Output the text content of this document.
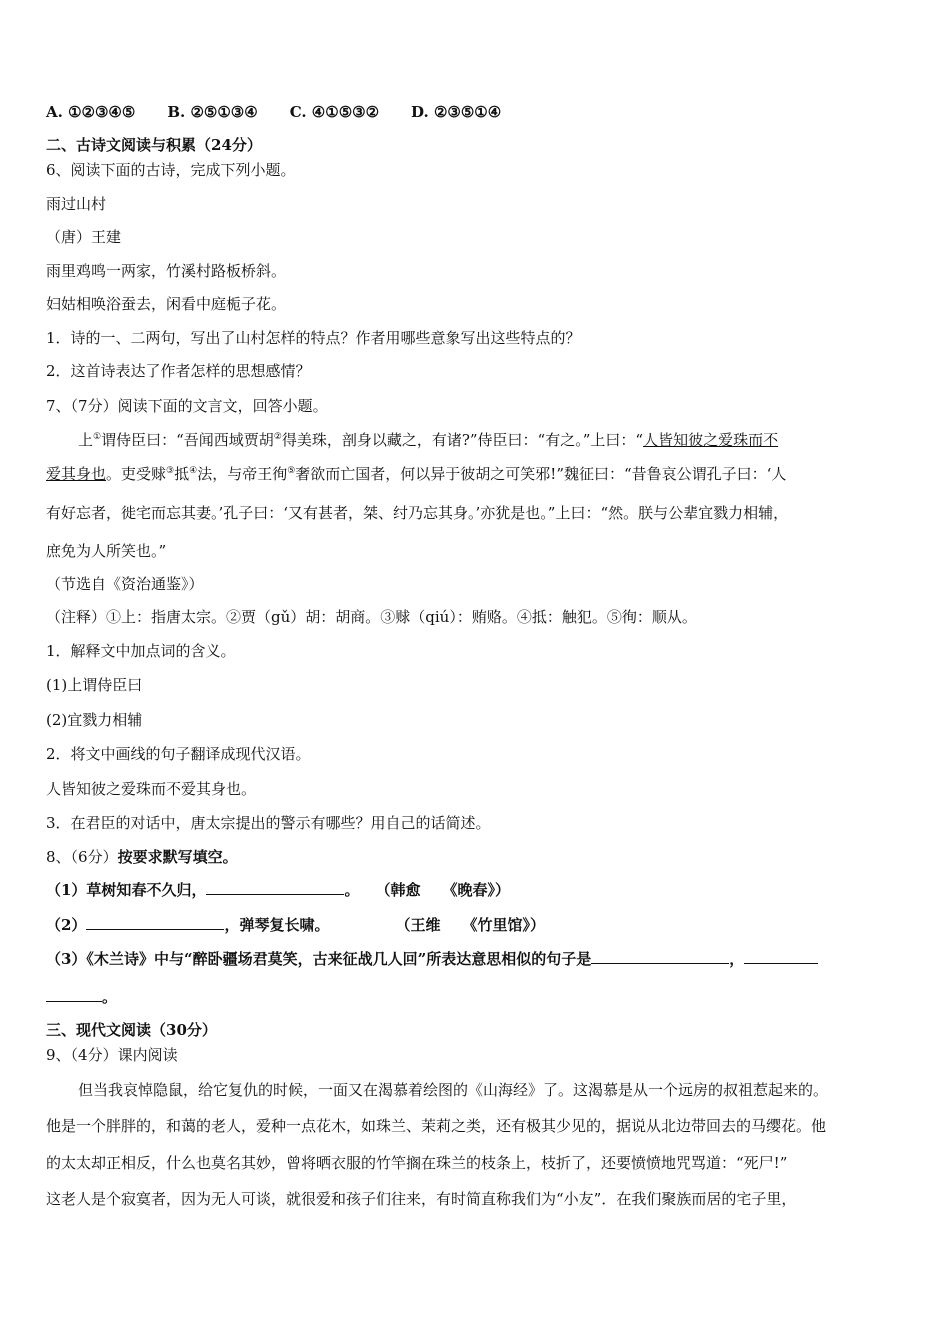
A. ①②③④⑤ B. ②⑤①③④ C. ④①⑤③② D. ②③⑤①④
二、古诗文阅读与积累（24分）
6、阅读下面的古诗，完成下列小题。
雨过山村
（唐）王建
雨里鸡鸣一两家，竹溪村路板桥斜。
妇姑相唤浴蚕去，闲看中庭栀子花。
1．诗的一、二两句，写出了山村怎样的特点？作者用哪些意象写出这些特点的？
2．这首诗表达了作者怎样的思想感情？
7、（7分）阅读下面的文言文，回答小题。
上①谓侍臣曰：“吾闻西域贾胡②得美珠，剖身以藏之，有诸?”侍臣曰：“有之。”上曰：“人皆知彼之爱珠而不
爱其身也。吏受赇③抵④法，与帝王徇⑤奢欲而亡国者，何以异于彼胡之可笑邪!”魏征曰：“昔鲁哀公谓孔子曰：‘人
有好忘者，徙宅而忘其妻。’孔子曰：‘又有甚者，桀、纣乃忘其身。’亦犹是也。”上曰：“然。朕与公辈宜戮力相辅，
庶免为人所笑也。”
（节选自《资治通鉴》）
（注释）①上：指唐太宗。②贾（gǔ）胡：胡商。③赇（qiú）：贿赂。④抵：触犯。⑤徇：顺从。
1．解释文中加点词的含义。
(1)上谓侍臣曰
(2)宜戮力相辅
2．将文中画线的句子翻译成现代汉语。
人皆知彼之爱珠而不爱其身也。
3．在君臣的对话中，唐太宗提出的警示有哪些？用自己的话简述。
8、（6分）按要求默写填空。
（1）草树知春不久归，	。 （韩愈 《晚春》）
（2）	，弹琴复长啸。	（王维 《竹里馆》）
（3）《木兰诗》中与“醉卧疆场君莫笑，古来征战几人回”所表达意思相似的句子是	，
。
三、现代文阅读（30分）
9、（4分）课内阅读
但当我哀悼隐鼠，给它复仇的时候，一面又在渴慕着绘图的《山海经》了。这渴慕是从一个远房的叔祖惹起来的。
他是一个胖胖的，和蔼的老人，爱种一点花木，如珠兰、茉莉之类，还有极其少见的，据说从北边带回去的马缨花。他
的太太却正相反，什么也莫名其妙，曾将晒衣服的竹竿搁在珠兰的枝条上，枝折了，还要愤愤地咒骂道：“死尸!”
这老人是个寂寞者，因为无人可谈，就很爱和孩子们往来，有时简直称我们为“小友”．在我们聚族而居的宅子里，
